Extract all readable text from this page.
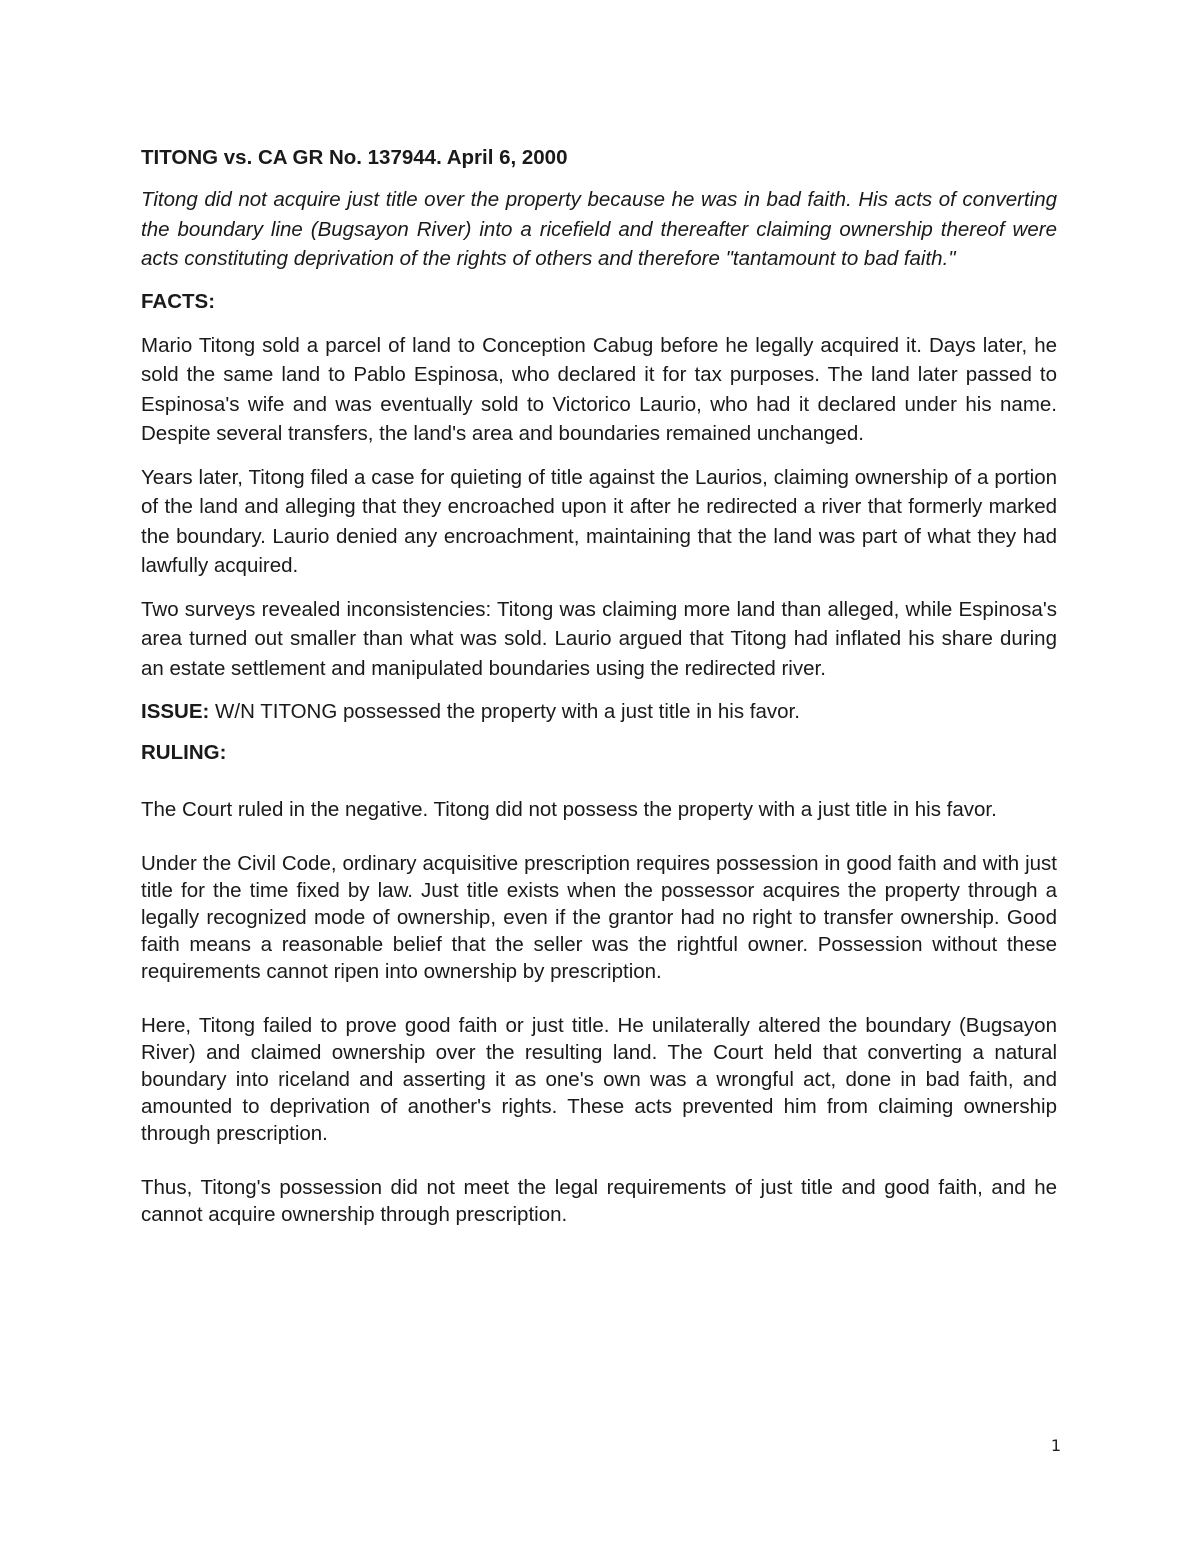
TITONG vs. CA GR No. 137944. April 6, 2000

Titong did not acquire just title over the property because he was in bad faith. His acts of converting the boundary line (Bugsayon River) into a ricefield and thereafter claiming ownership thereof were acts constituting deprivation of the rights of others and therefore "tantamount to bad faith."

FACTS:

Mario Titong sold a parcel of land to Conception Cabug before he legally acquired it. Days later, he sold the same land to Pablo Espinosa, who declared it for tax purposes. The land later passed to Espinosa's wife and was eventually sold to Victorico Laurio, who had it declared under his name. Despite several transfers, the land's area and boundaries remained unchanged.

Years later, Titong filed a case for quieting of title against the Laurios, claiming ownership of a portion of the land and alleging that they encroached upon it after he redirected a river that formerly marked the boundary. Laurio denied any encroachment, maintaining that the land was part of what they had lawfully acquired.

Two surveys revealed inconsistencies: Titong was claiming more land than alleged, while Espinosa's area turned out smaller than what was sold. Laurio argued that Titong had inflated his share during an estate settlement and manipulated boundaries using the redirected river.

ISSUE: W/N TITONG possessed the property with a just title in his favor.

RULING:

The Court ruled in the negative. Titong did not possess the property with a just title in his favor.

Under the Civil Code, ordinary acquisitive prescription requires possession in good faith and with just title for the time fixed by law. Just title exists when the possessor acquires the property through a legally recognized mode of ownership, even if the grantor had no right to transfer ownership. Good faith means a reasonable belief that the seller was the rightful owner. Possession without these requirements cannot ripen into ownership by prescription.

Here, Titong failed to prove good faith or just title. He unilaterally altered the boundary (Bugsayon River) and claimed ownership over the resulting land. The Court held that converting a natural boundary into riceland and asserting it as one's own was a wrongful act, done in bad faith, and amounted to deprivation of another's rights. These acts prevented him from claiming ownership through prescription.

Thus, Titong's possession did not meet the legal requirements of just title and good faith, and he cannot acquire ownership through prescription.

1
